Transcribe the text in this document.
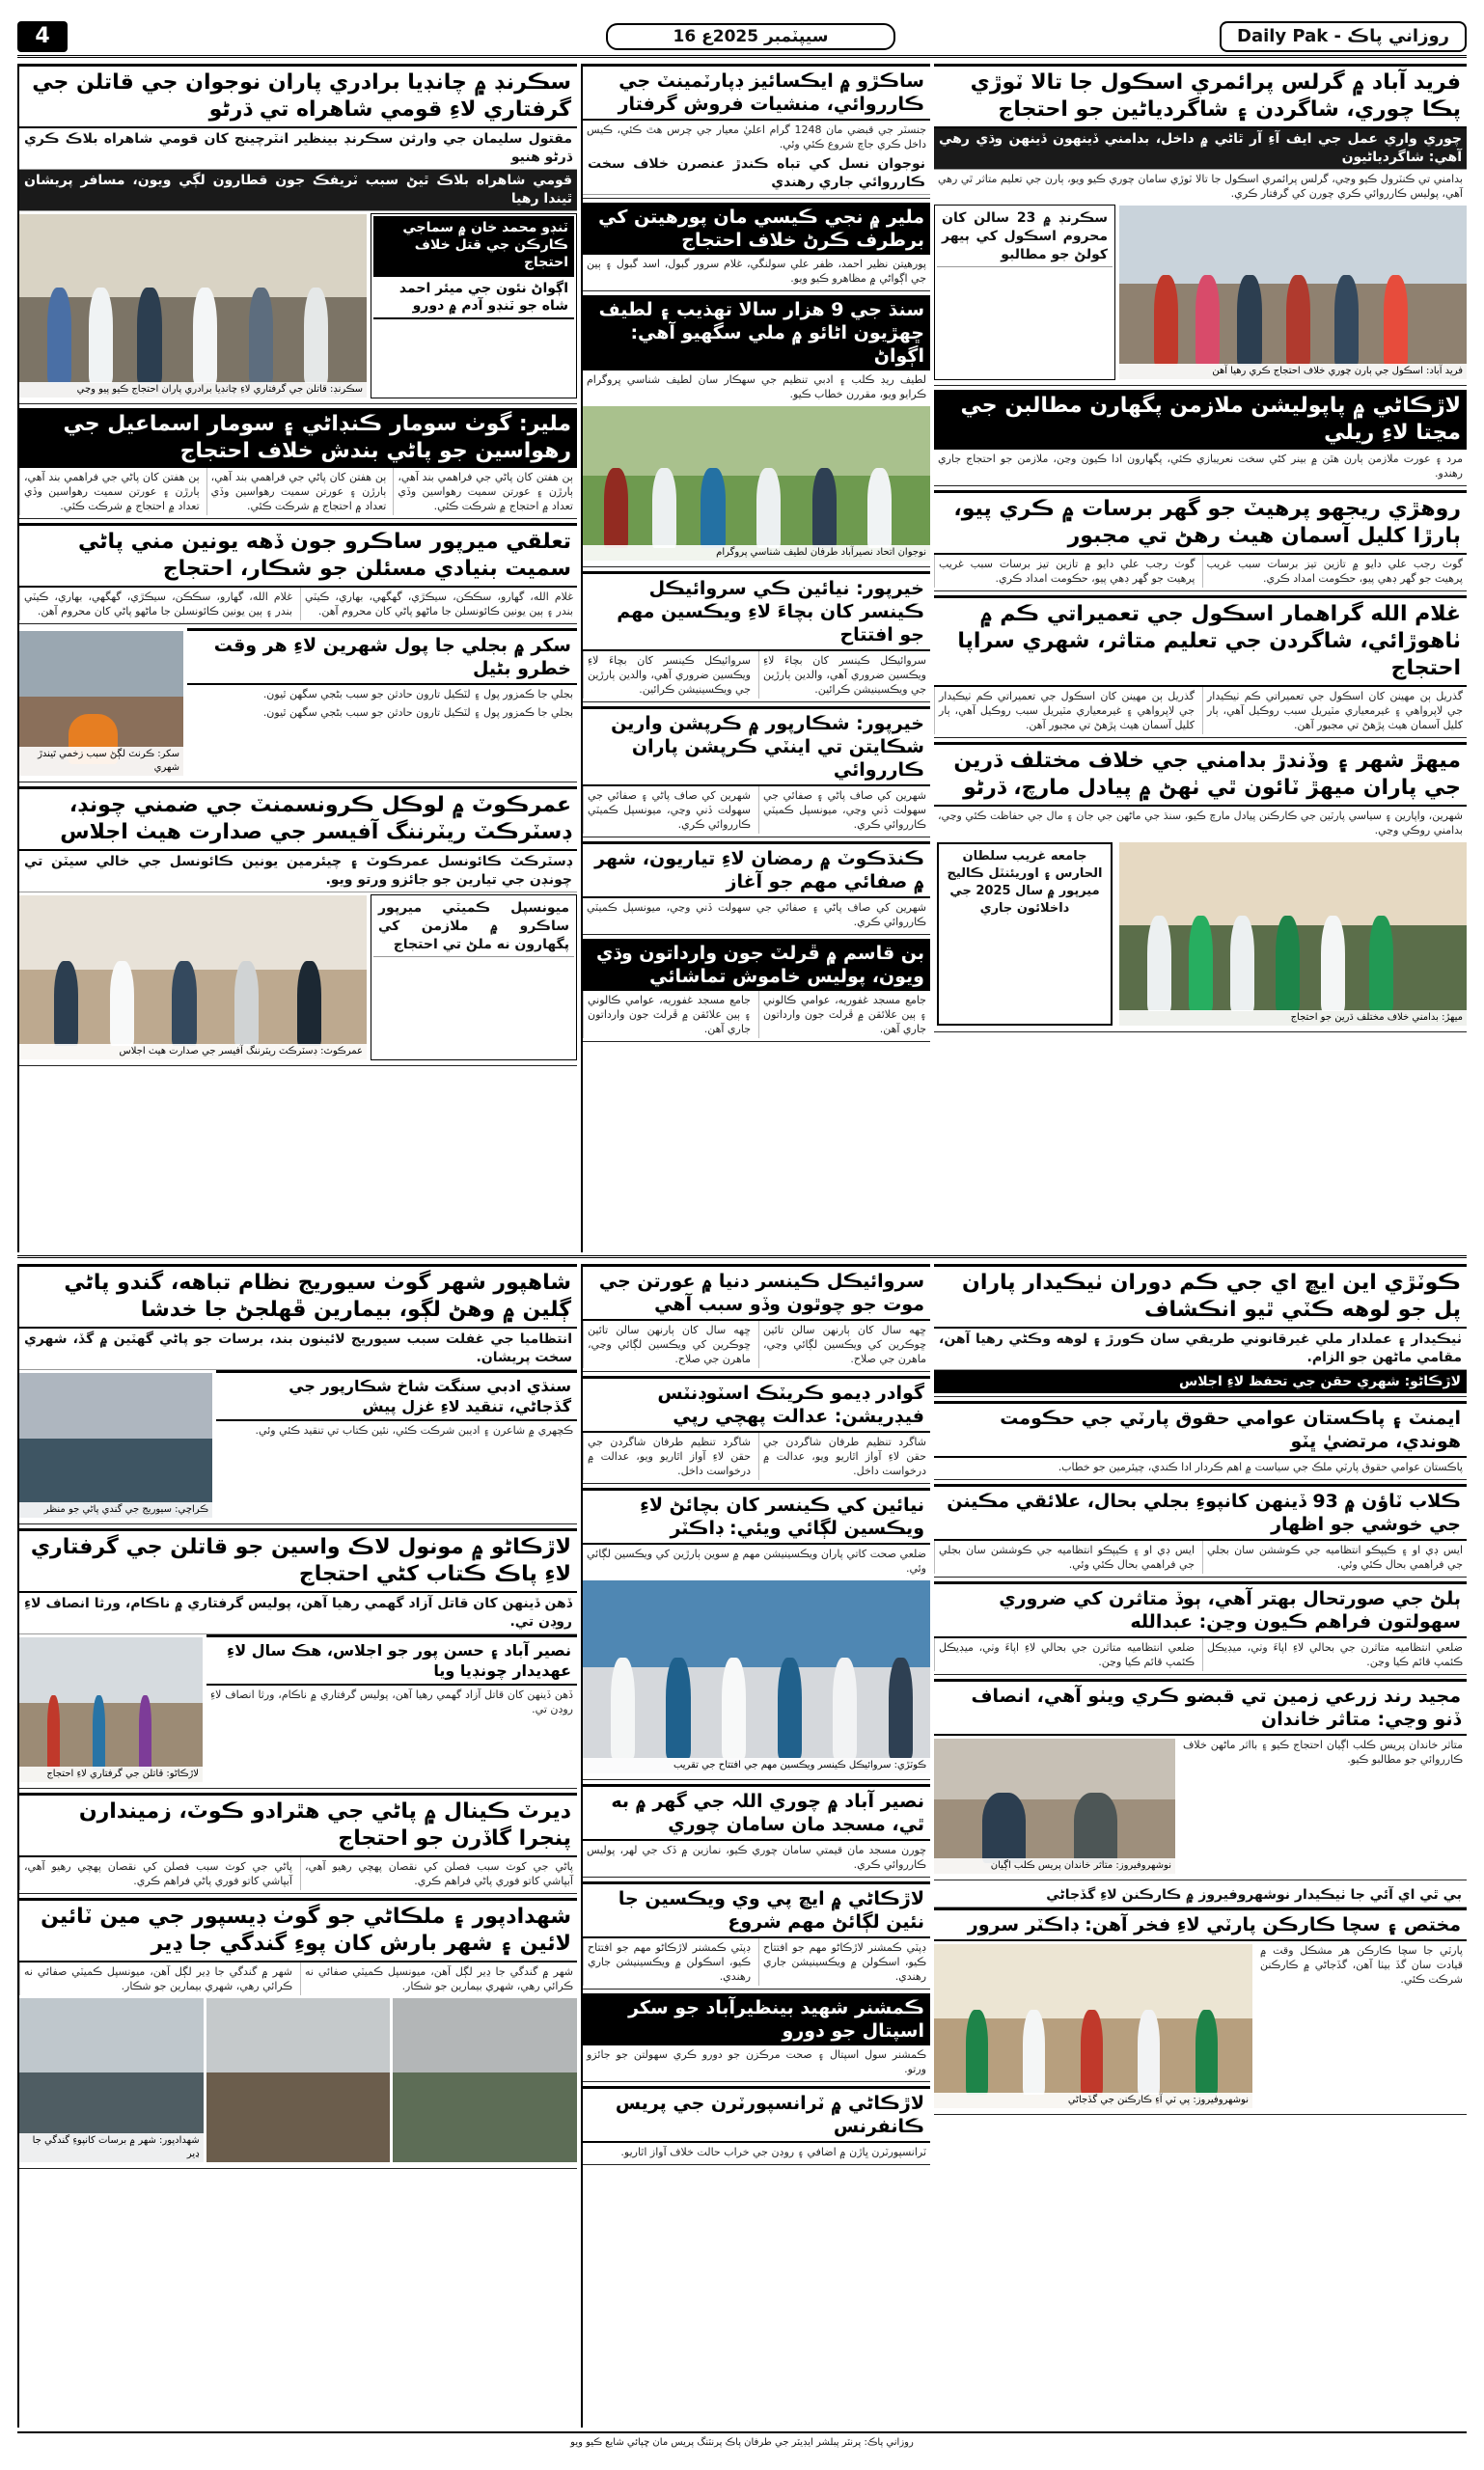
4	16 سيپٽمبر 2025ع	روزاني پاڪ - Daily Pak
فريد آباد ۾ گرلس پرائمري اسڪول جا تالا ٽوڙي پڪا چوري، شاگردن ۽ شاگردياڻين جو احتجاج
چوري واري عمل جي ايف آءِ آر ٿاڻي ۾ داخل، بدامني ڏينهون ڏينهن وڌي رهي آهي: شاگردياڻيون
بدامني تي ڪنٽرول ڪيو وڃي، گرلس پرائمري اسڪول جا تالا ٽوڙي سامان چوري ڪيو ويو، ٻارن جي تعليم متاثر ٿي رهي آهي، پوليس ڪارروائي ڪري چورن کي گرفتار ڪري.
فريد آباد: اسڪول جي ٻارن چوري خلاف احتجاج ڪري رهيا آهن
سڪرنڊ ۾ 23 سالن کان محروم اسڪول کي ٻيهر کولڻ جو مطالبو
لاڙڪاڻي ۾ پاپوليشن ملازمن پگهارن مطالبن جي مڃتا لاءِ ريلي
مرد ۽ عورت ملازمن ٻارن هٿن ۾ بينر کڻي سخت نعريبازي ڪئي، پگهارون ادا ڪيون وڃن، ملازمن جو احتجاج جاري رهندو.
روهڙي ريجهو پرهيٽ جو گهر برسات ۾ ڪري پيو، ٻارڙا کليل آسمان هيٺ رهڻ تي مجبور
گوٺ رجب علي دايو ۾ تازين تيز برسات سبب غريب پرهيٽ جو گهر ڊهي پيو، حڪومت امداد ڪري.
گوٺ رجب علي دايو ۾ تازين تيز برسات سبب غريب پرهيٽ جو گهر ڊهي پيو، حڪومت امداد ڪري.
غلام الله گراهمار اسڪول جي تعميراتي ڪم ۾ ٺاهوڙائي، شاگردن جي تعليم متاثر، شهري سراپا احتجاج
گذريل ٻن مهينن کان اسڪول جي تعميراتي ڪم ٺيڪيدار جي لاپرواهي ۽ غيرمعياري مٽيريل سبب روڪيل آهي، ٻار کليل آسمان هيٺ پڙهڻ تي مجبور آهن.
گذريل ٻن مهينن کان اسڪول جي تعميراتي ڪم ٺيڪيدار جي لاپرواهي ۽ غيرمعياري مٽيريل سبب روڪيل آهي، ٻار کليل آسمان هيٺ پڙهڻ تي مجبور آهن.
ميهڙ شهر ۽ وڏندڙ بدامني جي خلاف مختلف ڌرين جي پاران ميهڙ ٽائون ٿي ٺهڻ ۾ پيادل مارچ، ڌرڻو
شهرين، واپارين ۽ سياسي پارٽين جي ڪارڪنن پيادل مارچ ڪيو، سنڌ جي ماڻهن جي جان ۽ مال جي حفاظت ڪئي وڃي، بدامني روڪي وڃي.
ميهڙ: بدامني خلاف مختلف ڌرين جو احتجاج
جامعه غريب سلطان الحارس ۽ اوريئنٽل ڪاليج ميرپور ۾ سال 2025 جي داخلائون جاري
ساڪڙو ۾ ايڪسائيز ڊپارٽمينٽ جي ڪارروائي، منشيات فروش گرفتار
جنسٽر جي قبضي مان 1248 گرام اعليٰ معيار جي چرس هٿ ڪئي، ڪيس داخل ڪري جاچ شروع ڪئي وئي.
نوجوان نسل کي تباه ڪندڙ عنصرن خلاف سخت ڪارروائي جاري رهندي
ملير ۾ نجي ڪيسي مان پورهيتن کي برطرف ڪرڻ خلاف احتجاج
پورهيتن نظير احمد، ظفر علي سولنگي، غلام سرور گبول، اسد گبول ۽ ٻين جي اڳواڻي ۾ مظاهرو ڪيو ويو.
سنڌ جي 9 هزار سالا تهذيب ۽ لطيف ڇهڙيون اڻائو ۾ ملي سگهيو آهي: اڳواڻ
لطيف ريڊ ڪلب ۽ ادبي تنظيم جي سهڪار سان لطيف شناسي پروگرام ڪرايو ويو، مقررن خطاب ڪيو.
نوجوان اتحاد نصيرآباد طرفان لطيف شناسي پروگرام
خيرپور: نيائين ڪي سروائيڪل ڪينسر کان بچاءَ لاءِ ويڪسين مهم جو افتتاح
سروائيڪل ڪينسر کان بچاءَ لاءِ ويڪسين ضروري آهي، والدين ٻارڙين جي ويڪسينيشن ڪرائين.
سروائيڪل ڪينسر کان بچاءَ لاءِ ويڪسين ضروري آهي، والدين ٻارڙين جي ويڪسينيشن ڪرائين.
خيرپور: شڪارپور ۾ ڪرپشن وارين شڪايتن تي اينٽي ڪرپشن پاران ڪارروائي
شهرين کي صاف پاڻي ۽ صفائي جي سهولت ڏني وڃي، ميونسپل ڪميٽي ڪارروائي ڪري.
شهرين کي صاف پاڻي ۽ صفائي جي سهولت ڏني وڃي، ميونسپل ڪميٽي ڪارروائي ڪري.
ڪنڌڪوٽ ۾ رمضان لاءِ تياريون، شهر ۾ صفائي مهم جو آغاز
شهرين کي صاف پاڻي ۽ صفائي جي سهولت ڏني وڃي، ميونسپل ڪميٽي ڪارروائي ڪري.
بن قاسم ۾ ڦرلٽ جون وارداتون وڌي ويون، پوليس خاموش تماشائي
جامع مسجد غفوريه، عوامي ڪالوني ۽ ٻين علائقن ۾ ڦرلٽ جون وارداتون جاري آهن.
جامع مسجد غفوريه، عوامي ڪالوني ۽ ٻين علائقن ۾ ڦرلٽ جون وارداتون جاري آهن.
سڪرنڊ ۾ چانڊيا برادري پاران نوجوان جي قاتلن جي گرفتاري لاءِ قومي شاهراه تي ڌرڻو
مقتول سليمان جي وارثن سڪرنڊ بينظير انٽرچينج کان قومي شاهراه بلاڪ ڪري ڌرڻو هنيو
قومي شاهراه بلاڪ ٿيڻ سبب ٽريفڪ جون قطارون لڳي ويون، مسافر پريشان ٿيندا رهيا
ٽنڊو محمد خان ۾ سماجي ڪارڪن جي قتل خلاف احتجاج
اڳواڻ نئون جي ميئر احمد شاه جو ٽنڊو آدم ۾ دورو
سڪرنڊ: قاتلن جي گرفتاري لاءِ چانڊيا برادري پاران احتجاج ڪيو پيو وڃي
ملير: گوٺ سومار ڪنڊاڻي ۽ سومار اسماعيل جي رهواسين جو پاڻي بندش خلاف احتجاج
ٻن هفتن کان پاڻي جي فراهمي بند آهي، ٻارڙن ۽ عورتن سميت رهواسين وڏي تعداد ۾ احتجاج ۾ شرڪت ڪئي.
ٻن هفتن کان پاڻي جي فراهمي بند آهي، ٻارڙن ۽ عورتن سميت رهواسين وڏي تعداد ۾ احتجاج ۾ شرڪت ڪئي.
ٻن هفتن کان پاڻي جي فراهمي بند آهي، ٻارڙن ۽ عورتن سميت رهواسين وڏي تعداد ۾ احتجاج ۾ شرڪت ڪئي.
تعلقي ميرپور ساڪرو جون ڏهه يونين مني پاڻي سميت بنيادي مسئلن جو شڪار، احتجاج
غلام الله، گهارو، سڪڪن، سيڪڙي، گهگهي، بهاري، ڪيٽي بندر ۽ ٻين يونين ڪائونسلن جا ماڻهو پاڻي کان محروم آهن.
غلام الله، گهارو، سڪڪن، سيڪڙي، گهگهي، بهاري، ڪيٽي بندر ۽ ٻين يونين ڪائونسلن جا ماڻهو پاڻي کان محروم آهن.
سکر ۾ بجلي جا پول شهرين لاءِ هر وقت خطرو بڻيل
بجلي جا ڪمزور پول ۽ لٽڪيل تارون حادثن جو سبب بڻجي سگهن ٿيون.
بجلي جا ڪمزور پول ۽ لٽڪيل تارون حادثن جو سبب بڻجي سگهن ٿيون.
سکر: ڪرنٽ لڳڻ سبب زخمي ٿيندڙ شهري
عمرڪوٽ ۾ لوڪل ڪرونسمنٽ جي ضمني چونڊ، ڊسٽرڪٽ ريٽرننگ آفيسر جي صدارت هيٺ اجلاس
ڊسٽرڪٽ ڪائونسل عمرڪوٽ ۽ چيئرمين يونين ڪائونسل جي خالي سيٽن تي چونڊن جي تيارين جو جائزو ورتو ويو.
ميونسپل ڪميٽي ميرپور ساڪرو ۾ ملازمن کي پگهارون نه ملڻ تي احتجاج
عمرڪوٽ: ڊسٽرڪٽ ريٽرننگ آفيسر جي صدارت هيٺ اجلاس
ڪوٽڙي اين ايڇ اي جي ڪم دوران ٺيڪيدار پاران پل جو لوهه ڪٽي ٿيو انڪشاف
ٺيڪيدار ۽ عملدار ملي غيرقانوني طريقي سان ڪورڙ ۽ لوهه وڪڻي رهيا آهن، مقامي ماڻهن جو الزام.
لاڙڪاڻو: شهري حقن جي تحفظ لاءِ اجلاس
ايمنٽ ۽ پاڪستان عوامي حقوق پارٽي جي حڪومت هوندي، مرتضيٰ ڀٽو
پاڪستان عوامي حقوق پارٽي ملڪ جي سياست ۾ اهم ڪردار ادا ڪندي، چيئرمين جو خطاب.
ڪلاب ٽاؤن ۾ 93 ڏينهن کانپوءِ بجلي بحال، علائقي مڪينن جي خوشي جو اظهار
ايس ڊي او ۽ ڪيپڪو انتظاميه جي ڪوششن سان بجلي جي فراهمي بحال ڪئي وئي.
ايس ڊي او ۽ ڪيپڪو انتظاميه جي ڪوششن سان بجلي جي فراهمي بحال ڪئي وئي.
ٻلڻ جي صورتحال بهتر آهي، ٻوڏ متاثرن کي ضروري سهولتون فراهم ڪيون وڃن: عبدالله
ضلعي انتظاميه متاثرن جي بحالي لاءِ اپاءَ وٺي، ميڊيڪل ڪئمپ قائم ڪيا وڃن.
ضلعي انتظاميه متاثرن جي بحالي لاءِ اپاءَ وٺي، ميڊيڪل ڪئمپ قائم ڪيا وڃن.
مجيد رند زرعي زمين تي قبضو ڪري ويٺو آهي، انصاف ڏنو وڃي: متاثر خاندان
متاثر خاندان پريس ڪلب اڳيان احتجاج ڪيو ۽ بااثر ماڻهن خلاف ڪارروائي جو مطالبو ڪيو.
نوشهروفيروز: متاثر خاندان پريس ڪلب اڳيان
بي ٿي اي آئي جا ٺيڪيدار نوشهروفيروز ۾ ڪارڪنن لاءِ گڏجاڻي
مختص ۽ سچا ڪارڪن پارٽي لاءِ فخر آهن: ڊاڪٽر سرور
پارٽي جا سچا ڪارڪن هر مشڪل وقت ۾ قيادت سان گڏ بيٺا آهن، گڏجاڻي ۾ ڪارڪنن شرڪت ڪئي.
نوشهروفيروز: پي ٽي آءِ ڪارڪنن جي گڏجاڻي
سروائيڪل ڪينسر دنيا ۾ عورتن جي موت جو چوٿون وڏو سبب آهي
ڇهه سال کان ٻارنهن سالن تائين ڇوڪرين کي ويڪسين لڳائي وڃي، ماهرن جي صلاح.
ڇهه سال کان ٻارنهن سالن تائين ڇوڪرين کي ويڪسين لڳائي وڃي، ماهرن جي صلاح.
گوادر ڊيمو ڪريٽڪ اسٽوڊنٽس فيڊريشن: عدالت پهچي رپي
شاگرد تنظيم طرفان شاگردن جي حقن لاءِ آواز اٿاريو ويو، عدالت ۾ درخواست داخل.
شاگرد تنظيم طرفان شاگردن جي حقن لاءِ آواز اٿاريو ويو، عدالت ۾ درخواست داخل.
نيائين کي ڪينسر کان بچائڻ لاءِ ويڪسين لڳائي ويئي: ڊاڪٽر
ضلعي صحت کاتي پاران ويڪسينيشن مهم ۾ سوين ٻارڙين کي ويڪسين لڳائي وئي.
ڪوٽڙي: سروائيڪل ڪينسر ويڪسين مهم جي افتتاح جي تقريب
نصير آباد ۾ چوري اللہ جي گهر ۾ به ٿي، مسجد مان سامان چوري
چورن مسجد مان قيمتي سامان چوري ڪيو، نمازين ۾ ڏک جي لهر، پوليس ڪارروائي ڪري.
لاڙڪاڻي ۾ ايڇ پي وي ويڪسين جا نئين لڳائڻ مهم شروع
ڊپٽي ڪمشنر لاڙڪاڻو مهم جو افتتاح ڪيو، اسڪولن ۾ ويڪسينيشن جاري رهندي.
ڊپٽي ڪمشنر لاڙڪاڻو مهم جو افتتاح ڪيو، اسڪولن ۾ ويڪسينيشن جاري رهندي.
ڪمشنر شهيد بينظيرآباد جو سکر اسپتال جو دورو
ڪمشنر سول اسپتال ۽ صحت مرڪزن جو دورو ڪري سهولتن جو جائزو ورتو.
لاڙڪاڻي ۾ ٽرانسپورٽرن جي پريس ڪانفرنس
ٽرانسپورٽرن ڀاڙن ۾ اضافي ۽ روڊن جي خراب حالت خلاف آواز اٿاريو.
شاهپور شهر گوٺ سيوريج نظام تباهه، گندو پاڻي ڳلين ۾ وهڻ لڳو، بيمارين ڦهلجڻ جا خدشا
انتظاميا جي غفلت سبب سيوريج لائينون بند، برسات جو پاڻي گهٽين ۾ گڏ، شهري سخت پريشان.
سنڌي ادبي سنگت شاخ شڪارپور جي گڏجاڻي، تنقيد لاءِ غزل پيش
ڪچهري ۾ شاعرن ۽ اديبن شرڪت ڪئي، نئين ڪتاب تي تنقيد ڪئي وئي.
ڪراچي: سيوريج جي گندي پاڻي جو منظر
لاڙڪاڻو ۾ مونول لاڪ واسين جو قاتلن جي گرفتاري لاءِ پاڪ ڪتاب کڻي احتجاج
ڏهن ڏينهن کان قاتل آزاد گهمي رهيا آهن، پوليس گرفتاري ۾ ناڪام، ورثا انصاف لاءِ روڊن تي.
نصير آباد ۽ حسن پور جو اجلاس، هڪ سال لاءِ عهديدار چونڊيا ويا
ڏهن ڏينهن کان قاتل آزاد گهمي رهيا آهن، پوليس گرفتاري ۾ ناڪام، ورثا انصاف لاءِ روڊن تي.
لاڙڪاڻو: قاتلن جي گرفتاري لاءِ احتجاج
ديرٽ ڪينال ۾ پاڻي جي هٿرادو ڪوٽ، زميندارن پنجرا گاڏرن جو احتجاج
پاڻي جي کوٽ سبب فصلن کي نقصان پهچي رهيو آهي، آبپاشي کاتو فوري پاڻي فراهم ڪري.
پاڻي جي کوٽ سبب فصلن کي نقصان پهچي رهيو آهي، آبپاشي کاتو فوري پاڻي فراهم ڪري.
شهدادپور ۽ ملڪاڻي جو گوٺ ڊيسپور جي مين ٽائين لائين ۽ شهر بارش کان پوءِ گندگي جا ڍير
شهر ۾ گندگي جا ڍير لڳل آهن، ميونسپل ڪميٽي صفائي نه ڪرائي رهي، شهري بيمارين جو شڪار.
شهر ۾ گندگي جا ڍير لڳل آهن، ميونسپل ڪميٽي صفائي نه ڪرائي رهي، شهري بيمارين جو شڪار.
شهدادپور: شهر ۾ برسات کانپوءِ گندگي جا ڍير
روزاني پاڪ: پرنٽر پبلشر ايڊيٽر جي طرفان پاڪ پرنٽنگ پريس مان ڇپائي شايع ڪيو ويو
